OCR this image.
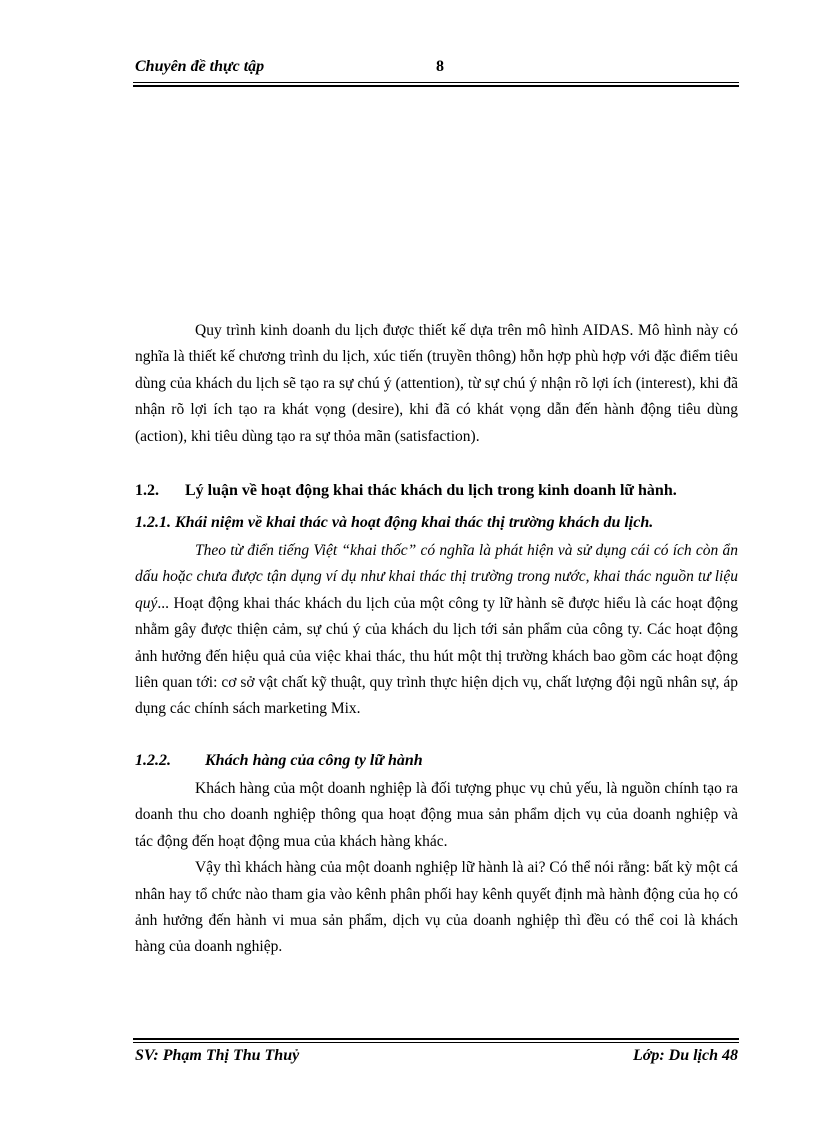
Chuyên đề thực tập	8

Quy trình kinh doanh du lịch được thiết kế dựa trên mô hình AIDAS. Mô hình này có nghĩa là thiết kế chương trình du lịch, xúc tiến (truyền thông) hỗn hợp phù hợp với đặc điểm tiêu dùng của khách du lịch sẽ tạo ra sự chú ý (attention), từ sự chú ý nhận rõ lợi ích (interest), khi đã nhận rõ lợi ích tạo ra khát vọng (desire), khi đã có khát vọng dẫn đến hành động tiêu dùng (action), khi tiêu dùng tạo ra sự thỏa mãn (satisfaction).

1.2. Lý luận về hoạt động khai thác khách du lịch trong kinh doanh lữ hành.
1.2.1. Khái niệm về khai thác và hoạt động khai thác thị trường khách du lịch.

Theo từ điển tiếng Việt “khai thốc” có nghĩa là phát hiện và sử dụng cái có ích còn ẩn dấu hoặc chưa được tận dụng ví dụ như khai thác thị trường trong nước, khai thác nguồn tư liệu quý... Hoạt động khai thác khách du lịch của một công ty lữ hành sẽ được hiểu là các hoạt động nhằm gây được thiện cảm, sự chú ý của khách du lịch tới sản phẩm của công ty. Các hoạt động ảnh hưởng đến hiệu quả của việc khai thác, thu hút một thị trường khách bao gồm các hoạt động liên quan tới: cơ sở vật chất kỹ thuật, quy trình thực hiện dịch vụ, chất lượng đội ngũ nhân sự, áp dụng các chính sách marketing Mix.

1.2.2. Khách hàng của công ty lữ hành

Khách hàng của một doanh nghiệp là đối tượng phục vụ chủ yếu, là nguồn chính tạo ra doanh thu cho doanh nghiệp thông qua hoạt động mua sản phẩm dịch vụ của doanh nghiệp và tác động đến hoạt động mua của khách hàng khác.

Vậy thì khách hàng của một doanh nghiệp lữ hành là ai? Có thể nói rằng: bất kỳ một cá nhân hay tổ chức nào tham gia vào kênh phân phối hay kênh quyết định mà hành động của họ có ảnh hưởng đến hành vi mua sản phẩm, dịch vụ của doanh nghiệp thì đều có thể coi là khách hàng của doanh nghiệp.

SV: Phạm Thị Thu Thuỷ	Lớp: Du lịch 48
